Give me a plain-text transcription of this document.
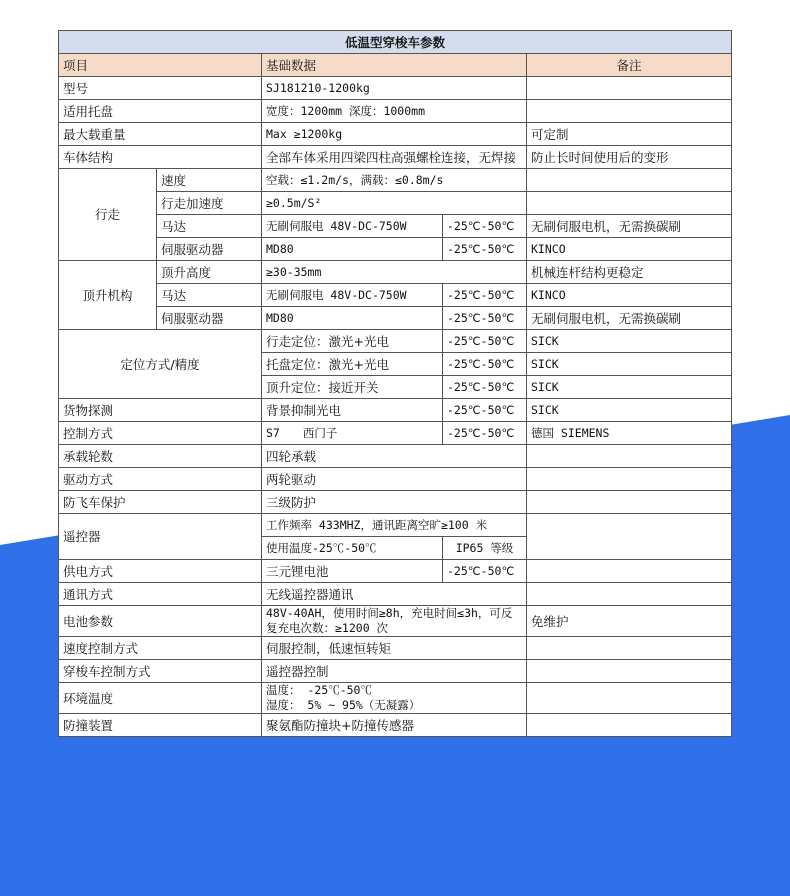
低温型穿梭车参数				
项目		基础数据		备注
型号		SJ181210-1200kg		
适用托盘		宽度：1200mm 深度：1000mm		
最大载重量		Max ≥1200kg		可定制
车体结构		全部车体采用四梁四柱高强螺栓连接，无焊接		防止长时间使用后的变形
行走	速度	空载：≤1.2m/s，满载：≤0.8m/s		
	行走加速度	≥0.5m/S²		
	马达	无刷伺服电 48V-DC-750W	-25℃-50℃	无刷伺服电机，无需换碳刷
	伺服驱动器	MD80	-25℃-50℃	KINCO
顶升机构	顶升高度	≥30-35mm		机械连杆结构更稳定
	马达	无刷伺服电 48V-DC-750W	-25℃-50℃	KINCO
	伺服驱动器	MD80	-25℃-50℃	无刷伺服电机，无需换碳刷
定位方式/精度		行走定位：激光+光电	-25℃-50℃	SICK
		托盘定位：激光+光电	-25℃-50℃	SICK
		顶升定位：接近开关	-25℃-50℃	SICK
货物探测		背景抑制光电	-25℃-50℃	SICK
控制方式		S7　　西门子	-25℃-50℃	德国 SIEMENS
承载轮数		四轮承载		
驱动方式		两轮驱动		
防飞车保护		三级防护		
遥控器		工作频率 433MHZ，通讯距离空旷≥100 米		
		使用温度-25℃-50℃	IP65 等级	
供电方式		三元锂电池	-25℃-50℃	
通讯方式		无线遥控器通讯		
电池参数		48V-40AH，使用时间≥8h，充电时间≤3h，可反复充电次数：≥1200 次		免维护
速度控制方式		伺服控制，低速恒转矩		
穿梭车控制方式		遥控器控制		
环境温度		温度： -25℃-50℃
湿度： 5% ~ 95%（无凝露）		

防撞装置		聚氨酯防撞块+防撞传感器		
